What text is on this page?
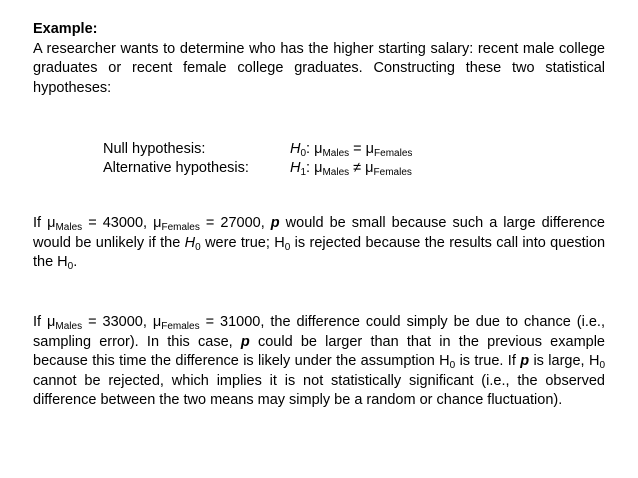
Example:
A researcher wants to determine who has the higher starting salary: recent male college graduates or recent female college graduates. Constructing these two statistical hypotheses:
Null hypothesis:	$H_0$: $\mu_{Males} = \mu_{Females}$
Alternative hypothesis:	$H_1$: $\mu_{Males} \ne \mu_{Females}$
If $\mu_{Males} = 43000$, $\mu_{Females} = 27000$, p would be small because such a large difference would be unlikely if the $H_0$ were true; $H_0$ is rejected because the results call into question the $H_0$.
If $\mu_{Males} = 33000$, $\mu_{Females} = 31000$, the difference could simply be due to chance (i.e., sampling error). In this case, p could be larger than that in the previous example because this time the difference is likely under the assumption $H_0$ is true. If p is large, $H_0$ cannot be rejected, which implies it is not statistically significant (i.e., the observed difference between the two means may simply be a random or chance fluctuation).
